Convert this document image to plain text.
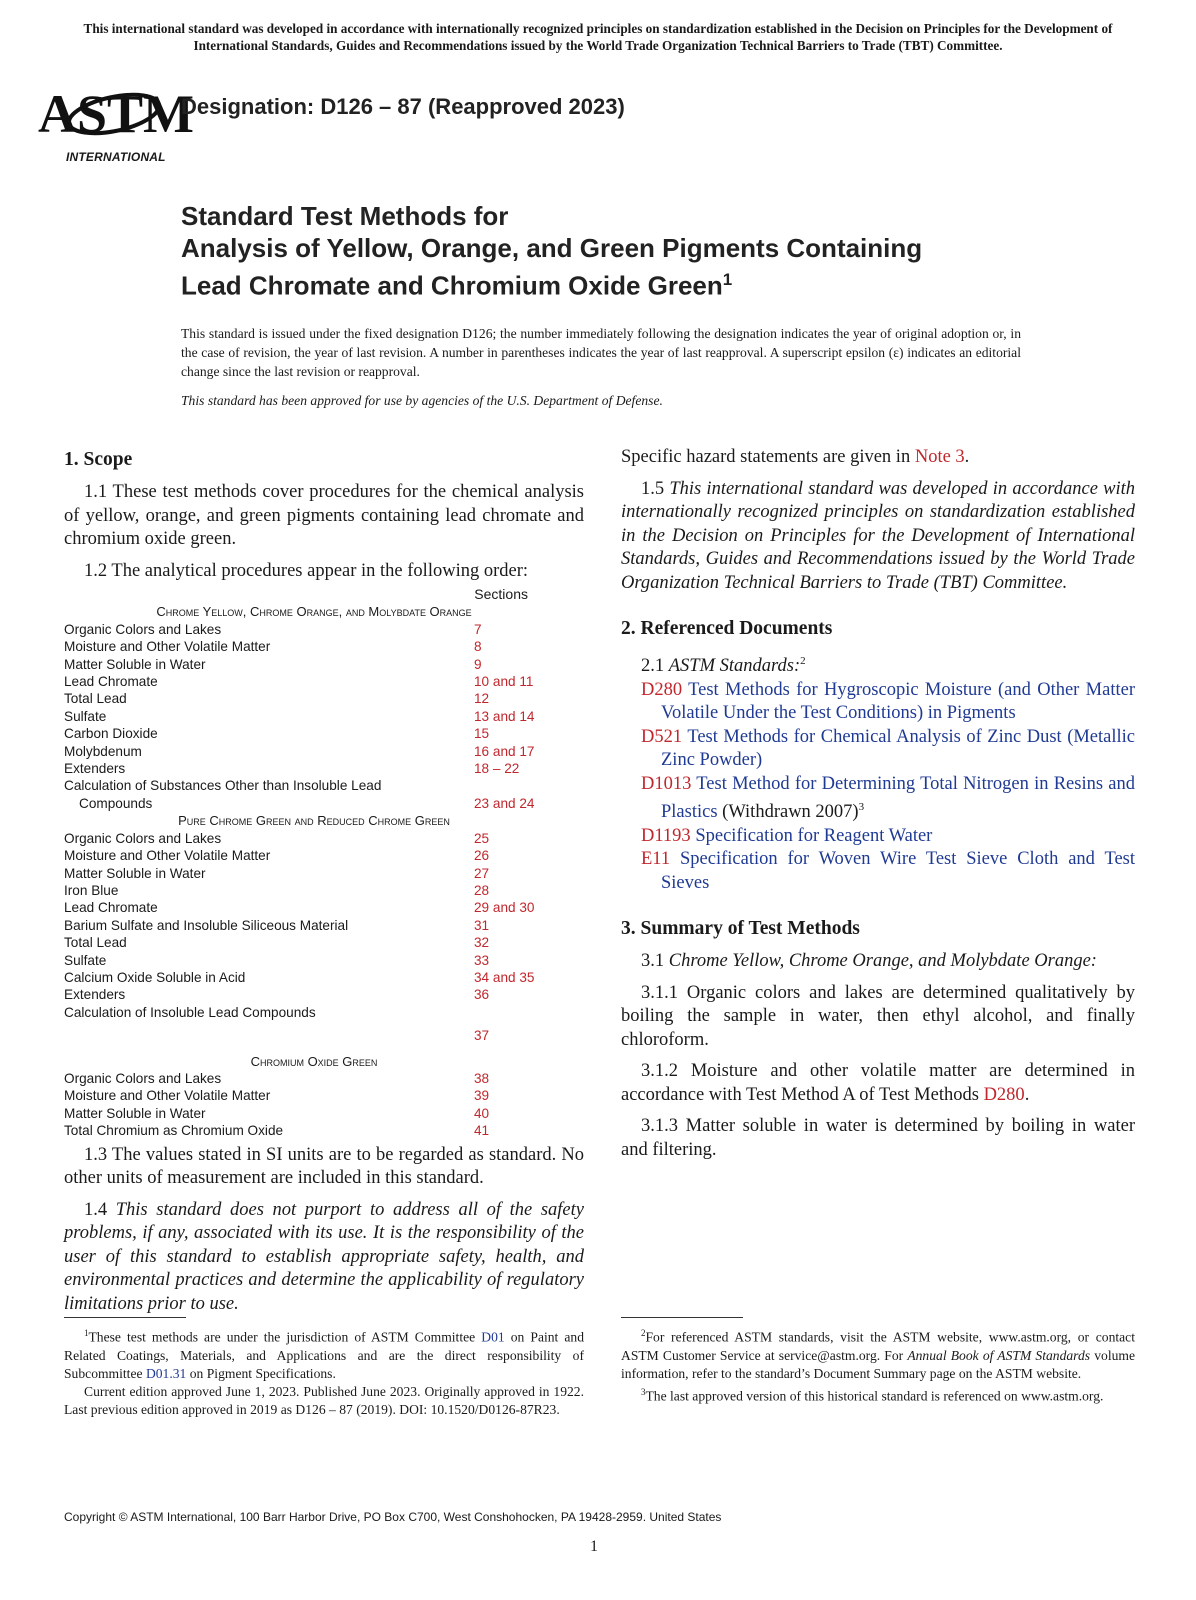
This international standard was developed in accordance with internationally recognized principles on standardization established in the Decision on Principles for the Development of International Standards, Guides and Recommendations issued by the World Trade Organization Technical Barriers to Trade (TBT) Committee.
ASTM
INTERNATIONAL
Designation: D126 – 87 (Reapproved 2023)
Standard Test Methods for
Analysis of Yellow, Orange, and Green Pigments Containing
Lead Chromate and Chromium Oxide Green$^1$
This standard is issued under the fixed designation D126; the number immediately following the designation indicates the year of original adoption or, in the case of revision, the year of last revision. A number in parentheses indicates the year of last reapproval. A superscript epsilon (ε) indicates an editorial change since the last revision or reapproval.
This standard has been approved for use by agencies of the U.S. Department of Defense.
1. Scope

1.1 These test methods cover procedures for the chemical analysis of yellow, orange, and green pigments containing lead chromate and chromium oxide green.

1.2 The analytical procedures appear in the following order:

	Sections
Chrome Yellow, Chrome Orange, and Molybdate Orange	
Organic Colors and Lakes	7
Moisture and Other Volatile Matter	8
Matter Soluble in Water	9
Lead Chromate	10 and 11
Total Lead	12
Sulfate	13 and 14
Carbon Dioxide	15
Molybdenum	16 and 17
Extenders	18 – 22
Calculation of Substances Other than Insoluble Lead	
Compounds	23 and 24
Pure Chrome Green and Reduced Chrome Green	
Organic Colors and Lakes	25
Moisture and Other Volatile Matter	26
Matter Soluble in Water	27
Iron Blue	28
Lead Chromate	29 and 30
Barium Sulfate and Insoluble Siliceous Material	31
Total Lead	32
Sulfate	33
Calcium Oxide Soluble in Acid	34 and 35
Extenders	36
Calculation of Insoluble Lead Compounds	
	37
Chromium Oxide Green	
Organic Colors and Lakes	38
Moisture and Other Volatile Matter	39
Matter Soluble in Water	40
Total Chromium as Chromium Oxide	41

1.3 The values stated in SI units are to be regarded as standard. No other units of measurement are included in this standard.

1.4 This standard does not purport to address all of the safety problems, if any, associated with its use. It is the responsibility of the user of this standard to establish appropriate safety, health, and environmental practices and determine the applicability of regulatory limitations prior to use.

Specific hazard statements are given in Note 3.

1.5 This international standard was developed in accordance with internationally recognized principles on standardization established in the Decision on Principles for the Development of International Standards, Guides and Recommendations issued by the World Trade Organization Technical Barriers to Trade (TBT) Committee.

2. Referenced Documents

2.1 ASTM Standards:$^2$

D280 Test Methods for Hygroscopic Moisture (and Other Matter Volatile Under the Test Conditions) in Pigments

D521 Test Methods for Chemical Analysis of Zinc Dust (Metallic Zinc Powder)

D1013 Test Method for Determining Total Nitrogen in Resins and Plastics (Withdrawn 2007)$^3$

D1193 Specification for Reagent Water

E11 Specification for Woven Wire Test Sieve Cloth and Test Sieves

3. Summary of Test Methods

3.1 Chrome Yellow, Chrome Orange, and Molybdate Orange:

3.1.1 Organic colors and lakes are determined qualitatively by boiling the sample in water, then ethyl alcohol, and finally chloroform.

3.1.2 Moisture and other volatile matter are determined in accordance with Test Method A of Test Methods D280.

3.1.3 Matter soluble in water is determined by boiling in water and filtering.

$^1$These test methods are under the jurisdiction of ASTM Committee D01 on Paint and Related Coatings, Materials, and Applications and are the direct responsibility of Subcommittee D01.31 on Pigment Specifications.

Current edition approved June 1, 2023. Published June 2023. Originally approved in 1922. Last previous edition approved in 2019 as D126 – 87 (2019). DOI: 10.1520/D0126-87R23.

$^2$For referenced ASTM standards, visit the ASTM website, www.astm.org, or contact ASTM Customer Service at service@astm.org. For Annual Book of ASTM Standards volume information, refer to the standard’s Document Summary page on the ASTM website.

$^3$The last approved version of this historical standard is referenced on www.astm.org.

Copyright © ASTM International, 100 Barr Harbor Drive, PO Box C700, West Conshohocken, PA 19428-2959. United States
1
